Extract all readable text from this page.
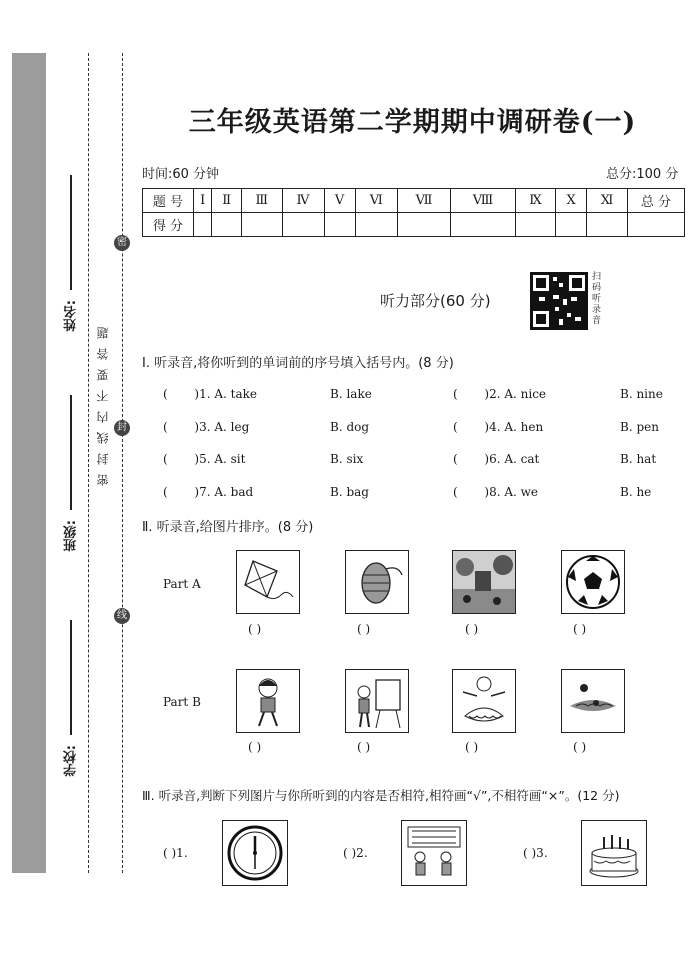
姓名:
班级:
学校:
密
封
线
密封线内不要答题
三年级英语第二学期期中调研卷(一)
时间:60 分钟	总分:100 分
题 号	Ⅰ	Ⅱ	Ⅲ	Ⅳ	Ⅴ	Ⅵ	Ⅶ	Ⅷ	Ⅸ	Ⅹ	Ⅺ	总 分
得 分												
听力部分(60 分)
扫码听录音
Ⅰ. 听录音,将你听到的单词前的序号填入括号内。(8 分)
(       )1. A. take	B. lake	(       )2. A. nice	B. nine
(       )3. A. leg	B. dog	(       )4. A. hen	B. pen
(       )5. A. sit	B. six	(       )6. A. cat	B. hat
(       )7. A. bad	B. bag	(       )8. A. we	B. he
Ⅱ. 听录音,给图片排序。(8 分)
Part A
( )	( )	( )	( )
Part B
( )	( )	( )	( )
Ⅲ. 听录音,判断下列图片与你所听到的内容是否相符,相符画“√”,不相符画“×”。(12 分)
( )1.	( )2.	( )3.
